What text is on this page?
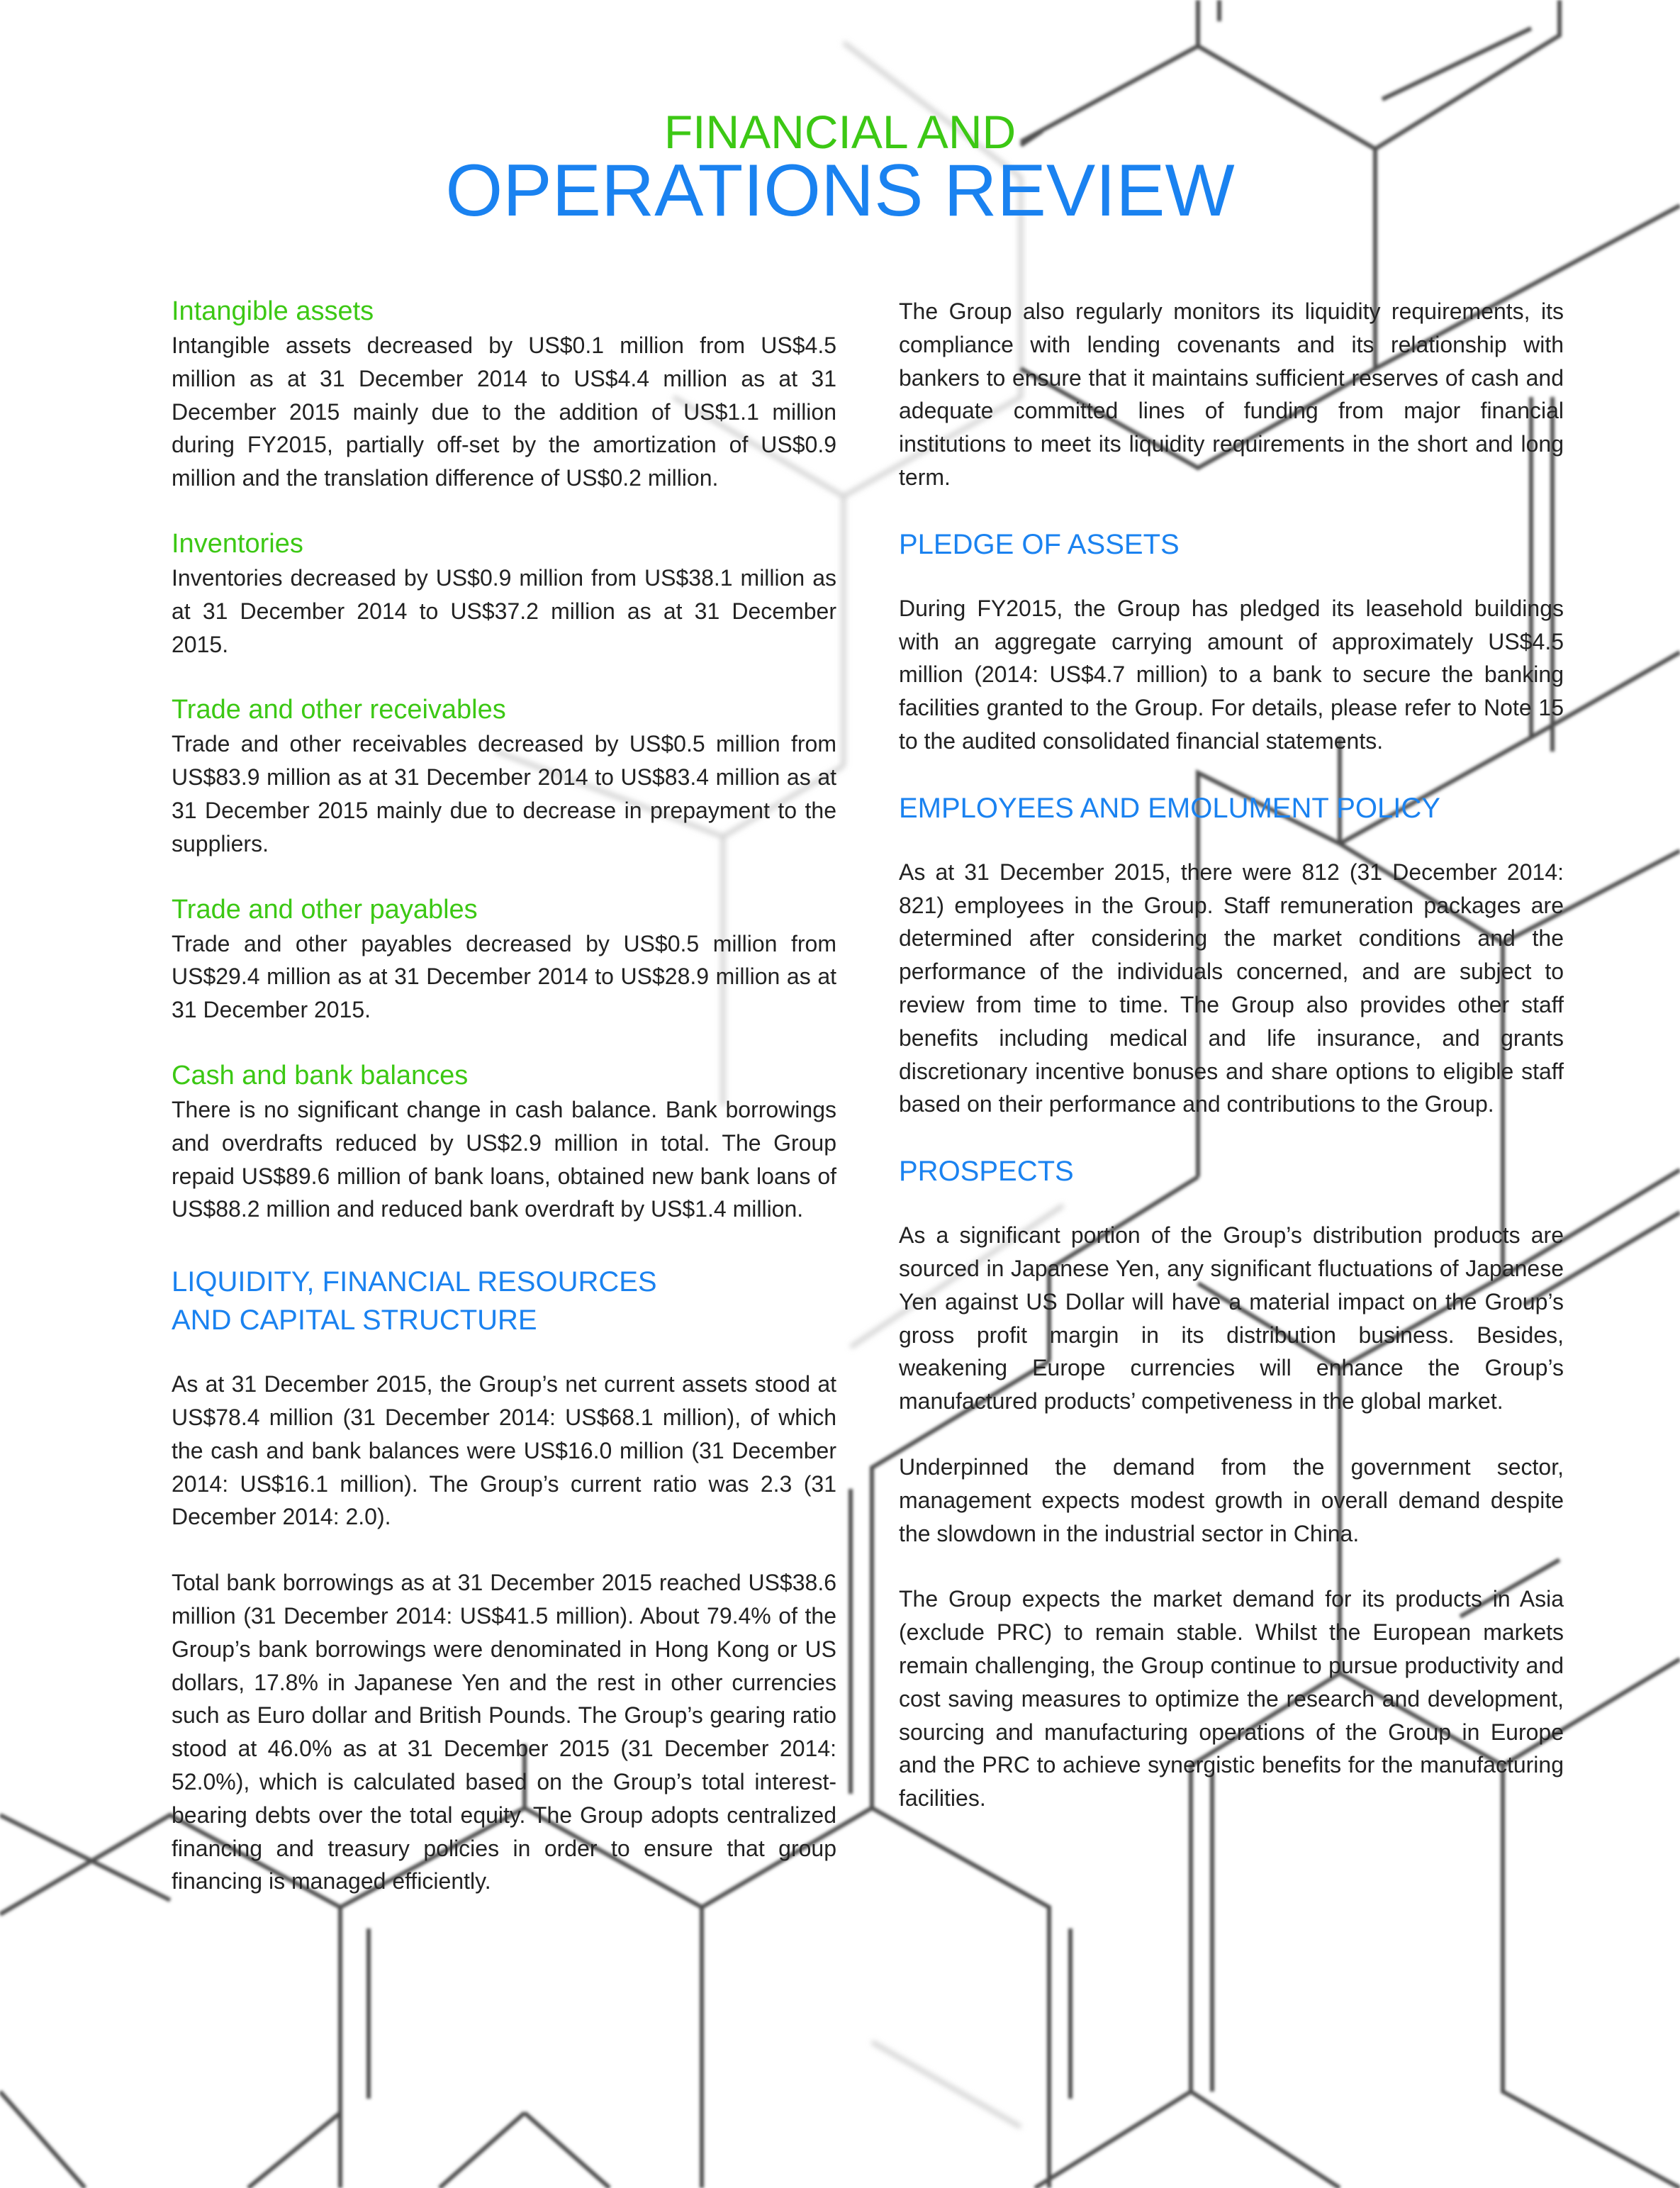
FINANCIAL AND
OPERATIONS REVIEW
Intangible assets

Intangible assets decreased by US$0.1 million from US$4.5 million as at 31 December 2014 to US$4.4 million as at 31 December 2015 mainly due to the addition of US$1.1 million during FY2015, partially off-set by the amortization of US$0.9 million and the translation difference of US$0.2 million.

Inventories

Inventories decreased by US$0.9 million from US$38.1 million as at 31 December 2014 to US$37.2 million as at 31 December 2015.

Trade and other receivables

Trade and other receivables decreased by US$0.5 million from US$83.9 million as at 31 December 2014 to US$83.4 million as at 31 December 2015 mainly due to decrease in prepayment to the suppliers.

Trade and other payables

Trade and other payables decreased by US$0.5 million from US$29.4 million as at 31 December 2014 to US$28.9 million as at 31 December 2015.

Cash and bank balances

There is no significant change in cash balance. Bank borrowings and overdrafts reduced by US$2.9 million in total. The Group repaid US$89.6 million of bank loans, obtained new bank loans of US$88.2 million and reduced bank overdraft by US$1.4 million.

LIQUIDITY, FINANCIAL RESOURCES
AND CAPITAL STRUCTURE

As at 31 December 2015, the Group’s net current assets stood at US$78.4 million (31 December 2014: US$68.1 million), of which the cash and bank balances were US$16.0 million (31 December 2014: US$16.1 million). The Group’s current ratio was 2.3 (31 December 2014: 2.0).

Total bank borrowings as at 31 December 2015 reached US$38.6 million (31 December 2014: US$41.5 million). About 79.4% of the Group’s bank borrowings were denominated in Hong Kong or US dollars, 17.8% in Japanese Yen and the rest in other currencies such as Euro dollar and British Pounds. The Group’s gearing ratio stood at 46.0% as at 31 December 2015 (31 December 2014: 52.0%), which is calculated based on the Group’s total interest-bearing debts over the total equity. The Group adopts centralized financing and treasury policies in order to ensure that group financing is managed efficiently.

The Group also regularly monitors its liquidity requirements, its compliance with lending covenants and its relationship with bankers to ensure that it maintains sufficient reserves of cash and adequate committed lines of funding from major financial institutions to meet its liquidity requirements in the short and long term.

PLEDGE OF ASSETS

During FY2015, the Group has pledged its leasehold buildings with an aggregate carrying amount of approximately US$4.5 million (2014: US$4.7 million) to a bank to secure the banking facilities granted to the Group. For details, please refer to Note 15 to the audited consolidated financial statements.

EMPLOYEES AND EMOLUMENT POLICY

As at 31 December 2015, there were 812 (31 December 2014: 821) employees in the Group. Staff remuneration packages are determined after considering the market conditions and the performance of the individuals concerned, and are subject to review from time to time. The Group also provides other staff benefits including medical and life insurance, and grants discretionary incentive bonuses and share options to eligible staff based on their performance and contributions to the Group.

PROSPECTS

As a significant portion of the Group’s distribution products are sourced in Japanese Yen, any significant fluctuations of Japanese Yen against US Dollar will have a material impact on the Group’s gross profit margin in its distribution business. Besides, weakening Europe currencies will enhance the Group’s manufactured products’ competiveness in the global market.

Underpinned the demand from the government sector, management expects modest growth in overall demand despite the slowdown in the industrial sector in China.

The Group expects the market demand for its products in Asia (exclude PRC) to remain stable. Whilst the European markets remain challenging, the Group continue to pursue productivity and cost saving measures to optimize the research and development, sourcing and manufacturing operations of the Group in Europe and the PRC to achieve synergistic benefits for the manufacturing facilities.

MP REPO
